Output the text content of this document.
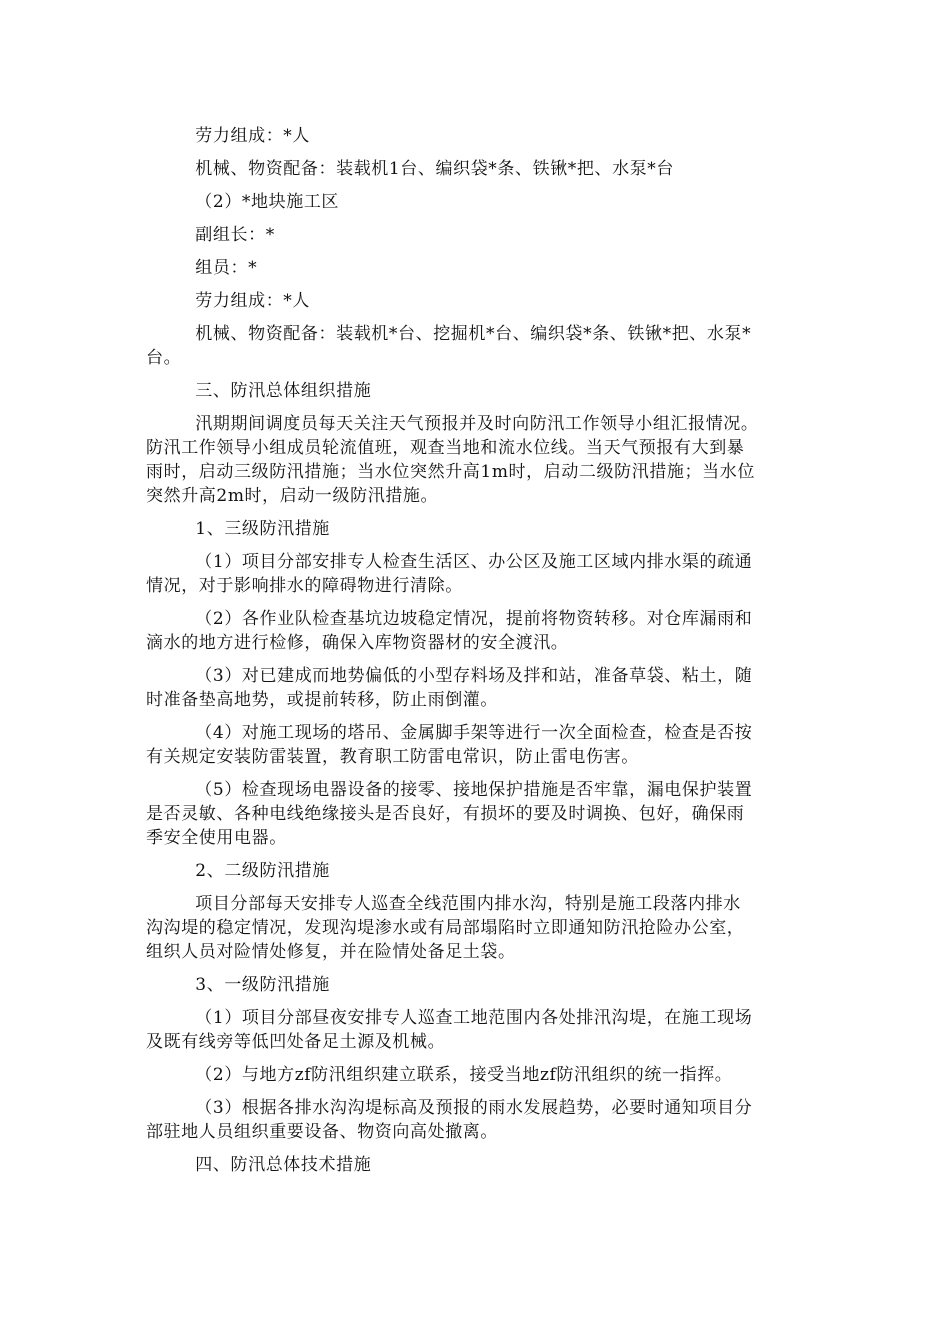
劳力组成：*人

机械、物资配备：装载机1台、编织袋*条、铁锹*把、水泵*台

（2）*地块施工区

副组长：*

组员：*

劳力组成：*人

机械、物资配备：装载机*台、挖掘机*台、编织袋*条、铁锹*把、水泵*
台。

三、防汛总体组织措施

汛期期间调度员每天关注天气预报并及时向防汛工作领导小组汇报情况。
防汛工作领导小组成员轮流值班，观查当地和流水位线。当天气预报有大到暴
雨时，启动三级防汛措施；当水位突然升高1m时，启动二级防汛措施；当水位
突然升高2m时，启动一级防汛措施。

1、三级防汛措施

（1）项目分部安排专人检查生活区、办公区及施工区域内排水渠的疏通
情况，对于影响排水的障碍物进行清除。

（2）各作业队检查基坑边坡稳定情况，提前将物资转移。对仓库漏雨和
滴水的地方进行检修，确保入库物资器材的安全渡汛。

（3）对已建成而地势偏低的小型存料场及拌和站，准备草袋、粘土，随
时准备垫高地势，或提前转移，防止雨倒灌。

（4）对施工现场的塔吊、金属脚手架等进行一次全面检查，检查是否按
有关规定安装防雷装置，教育职工防雷电常识，防止雷电伤害。

（5）检查现场电器设备的接零、接地保护措施是否牢靠，漏电保护装置
是否灵敏、各种电线绝缘接头是否良好，有损坏的要及时调换、包好，确保雨
季安全使用电器。

2、二级防汛措施

项目分部每天安排专人巡查全线范围内排水沟，特别是施工段落内排水
沟沟堤的稳定情况，发现沟堤渗水或有局部塌陷时立即通知防汛抢险办公室，
组织人员对险情处修复，并在险情处备足土袋。

3、一级防汛措施

（1）项目分部昼夜安排专人巡查工地范围内各处排汛沟堤，在施工现场
及既有线旁等低凹处备足土源及机械。

（2）与地方zf防汛组织建立联系，接受当地zf防汛组织的统一指挥。

（3）根据各排水沟沟堤标高及预报的雨水发展趋势，必要时通知项目分
部驻地人员组织重要设备、物资向高处撤离。

四、防汛总体技术措施
